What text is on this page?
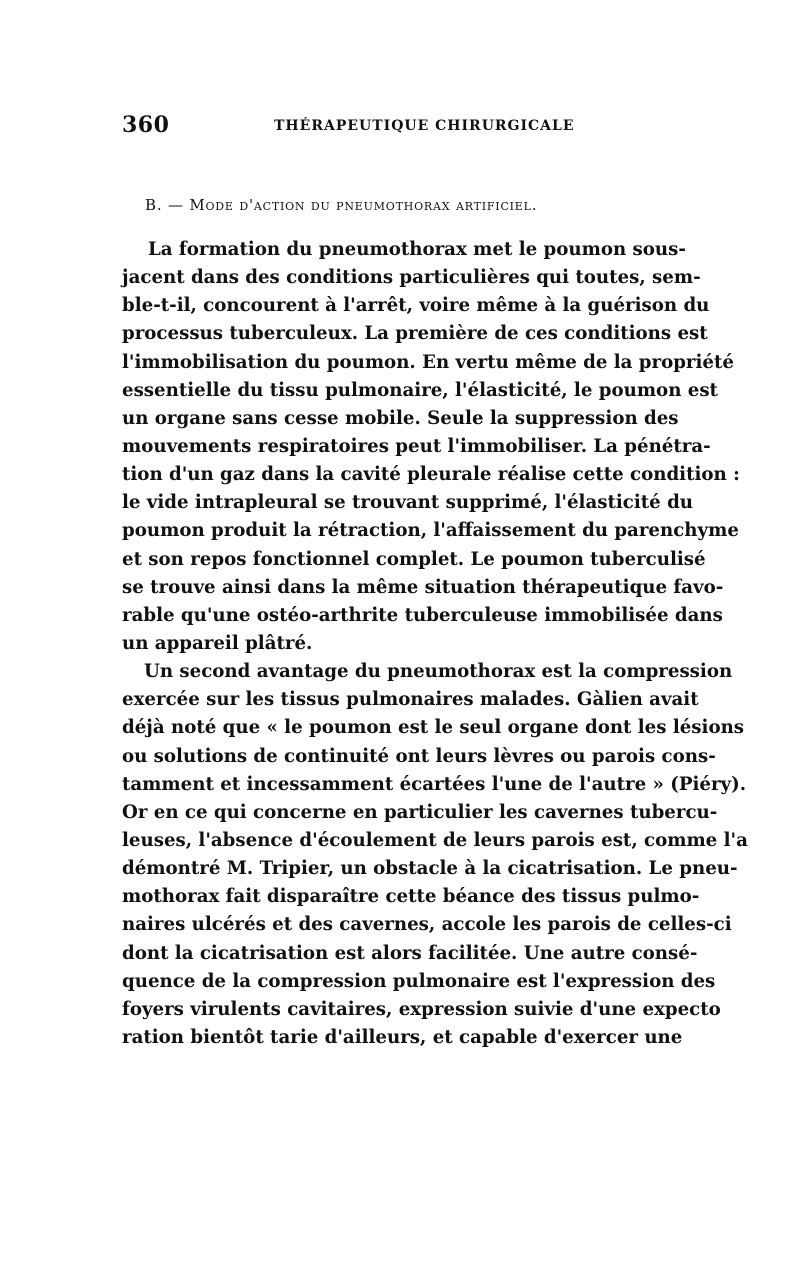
360	THÉRAPEUTIQUE CHIRURGICALE
B. — Mode d'action du pneumothorax artificiel.
La formation du pneumothorax met le poumon sous-
jacent dans des conditions particulières qui toutes, sem-
ble-t-il, concourent à l'arrêt, voire même à la guérison du
processus tuberculeux. La première de ces conditions est
l'immobilisation du poumon. En vertu même de la propriété
essentielle du tissu pulmonaire, l'élasticité, le poumon est
un organe sans cesse mobile. Seule la suppression des
mouvements respiratoires peut l'immobiliser. La pénétra-
tion d'un gaz dans la cavité pleurale réalise cette condition :
le vide intrapleural se trouvant supprimé, l'élasticité du
poumon produit la rétraction, l'affaissement du parenchyme
et son repos fonctionnel complet. Le poumon tuberculisé
se trouve ainsi dans la même situation thérapeutique favo-
rable qu'une ostéo-arthrite tuberculeuse immobilisée dans
un appareil plâtré.
Un second avantage du pneumothorax est la compression
exercée sur les tissus pulmonaires malades. Gàlien avait
déjà noté que « le poumon est le seul organe dont les lésions
ou solutions de continuité ont leurs lèvres ou parois cons-
tamment et incessamment écartées l'une de l'autre » (Piéry).
Or en ce qui concerne en particulier les cavernes tubercu-
leuses, l'absence d'écoulement de leurs parois est, comme l'a
démontré M. Tripier, un obstacle à la cicatrisation. Le pneu-
mothorax fait disparaître cette béance des tissus pulmo-
naires ulcérés et des cavernes, accole les parois de celles-ci
dont la cicatrisation est alors facilitée. Une autre consé-
quence de la compression pulmonaire est l'expression des
foyers virulents cavitaires, expression suivie d'une expecto
ration bientôt tarie d'ailleurs, et capable d'exercer une
